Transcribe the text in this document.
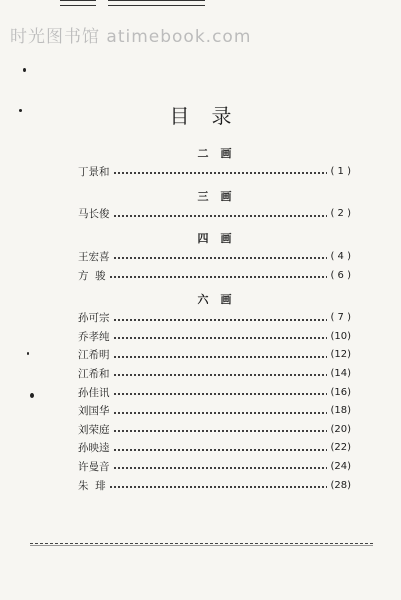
时光图书馆 atimebook.com
目录
二画
丁景和	( 1 )
三画
马长俊	( 2 )
四画
王宏喜	( 4 )
方  骏	( 6 )
六画
孙可宗	( 7 )
乔孝纯	(10)
江希明	(12)
江希和	(14)
孙佳讯	(16)
刘国华	(18)
刘荣庭	(20)
孙映逵	(22)
许曼音	(24)
朱  琲	(28)
